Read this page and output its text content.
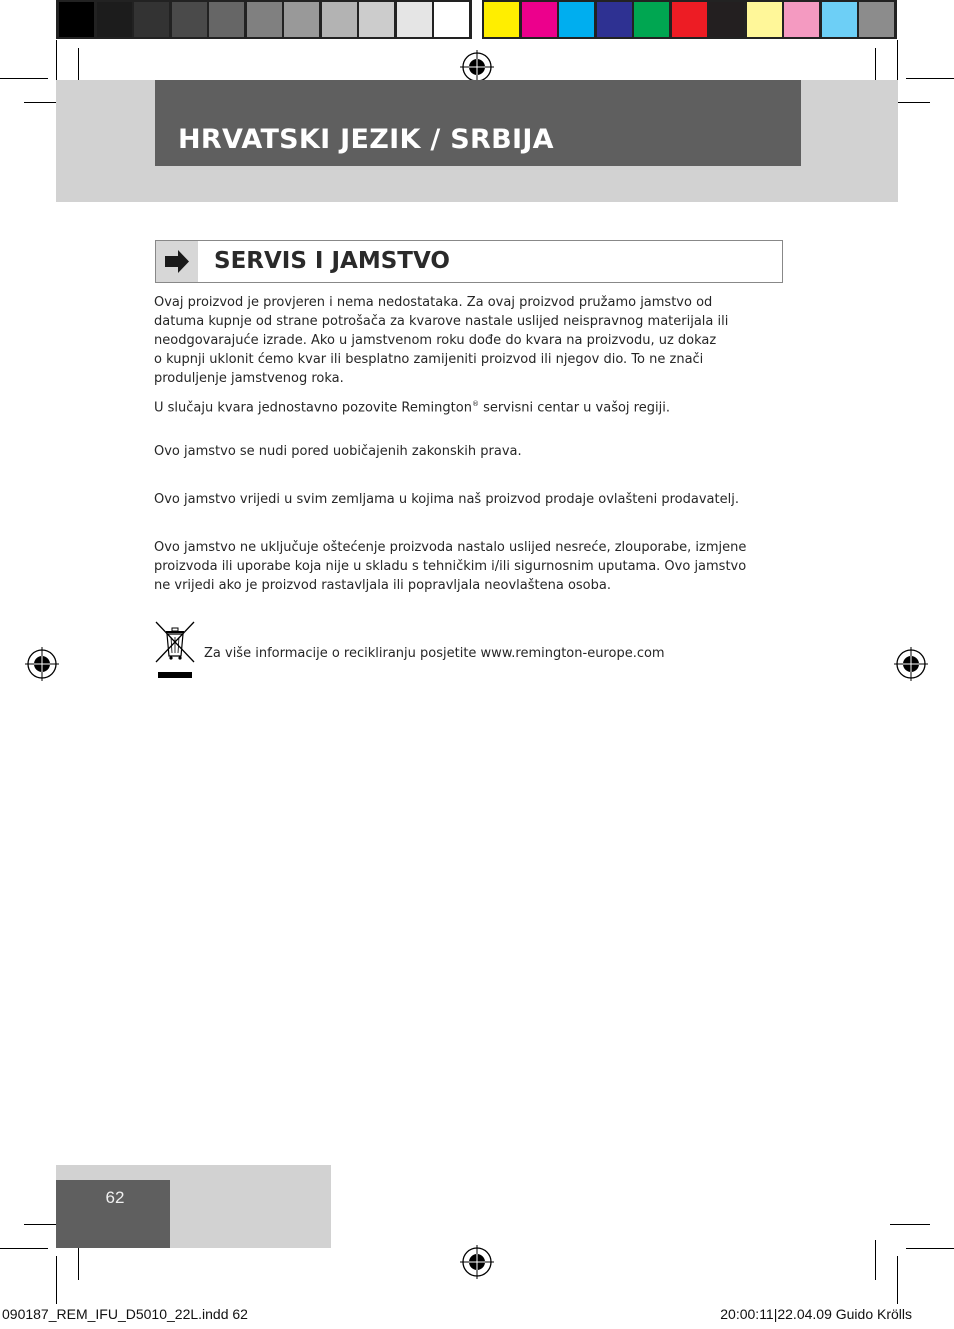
HRVATSKI JEZIK / SRBIJA
SERVIS I JAMSTVO

Ovaj proizvod je provjeren i nema nedostataka. Za ovaj proizvod pružamo jamstvo od

datuma kupnje od strane potrošača za kvarove nastale uslijed neispravnog materijala ili

neodgovarajuće izrade. Ako u jamstvenom roku dođe do kvara na proizvodu, uz dokaz

o kupnji uklonit ćemo kvar ili besplatno zamijeniti proizvod ili njegov dio. To ne znači

produljenje jamstvenog roka.

U slučaju kvara jednostavno pozovite Remington® servisni centar u vašoj regiji.

Ovo jamstvo se nudi pored uobičajenih zakonskih prava.

Ovo jamstvo vrijedi u svim zemljama u kojima naš proizvod prodaje ovlašteni prodavatelj.

Ovo jamstvo ne uključuje oštećenje proizvoda nastalo uslijed nesreće, zlouporabe, izmjene

proizvoda ili uporabe koja nije u skladu s tehničkim i/ili sigurnosnim uputama. Ovo jamstvo

ne vrijedi ako je proizvod rastavljala ili popravljala neovlaštena osoba.

Za više informacije o recikliranju posjetite www.remington-europe.com
62
090187_REM_IFU_D5010_22L.indd 62	20:00:11|22.04.09 Guido Krölls
